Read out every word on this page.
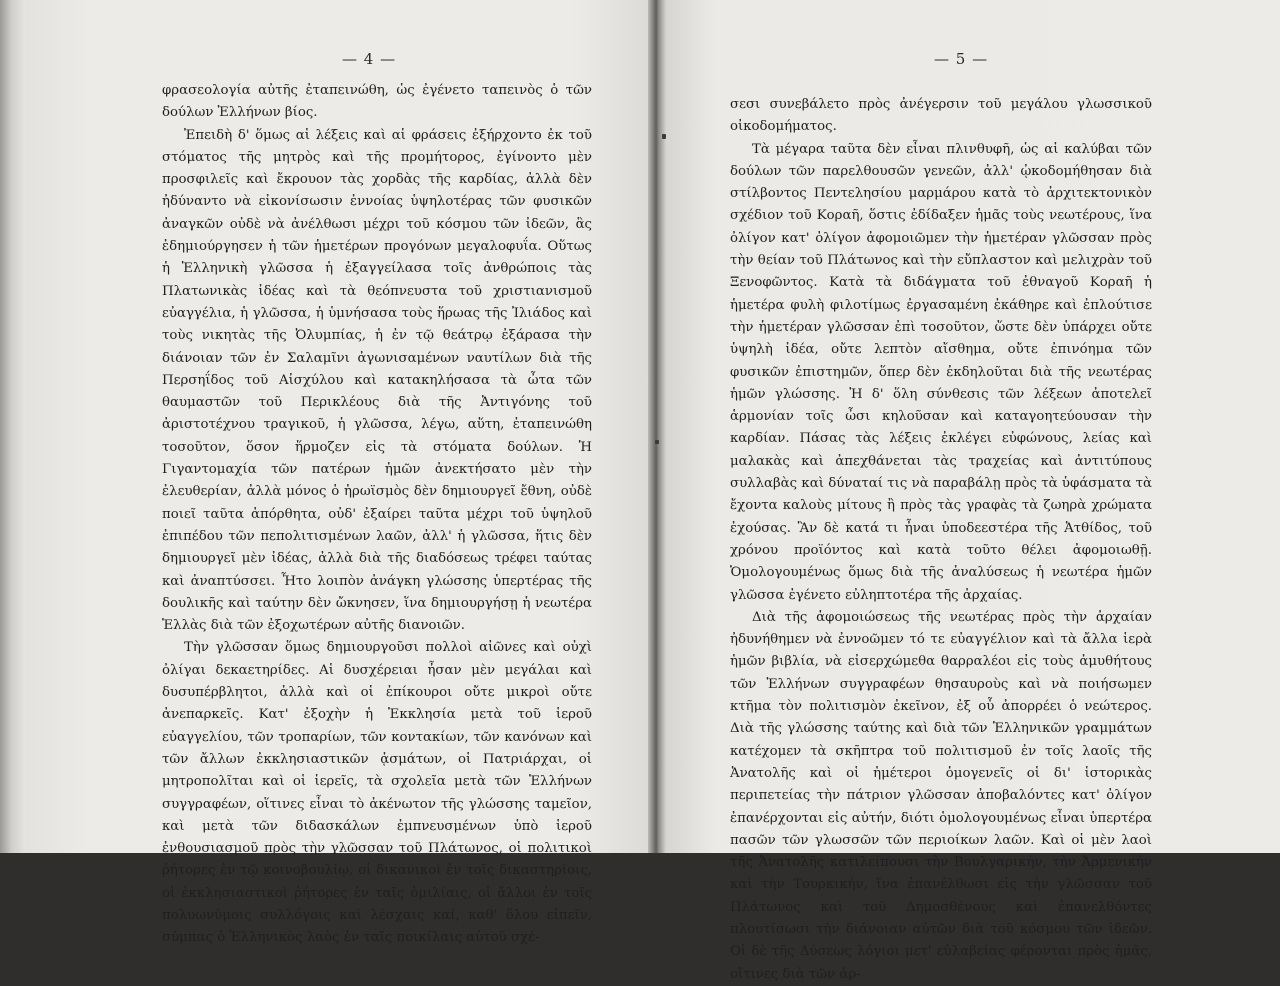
— 4 —

φρασεολογία αὐτῆς ἐταπεινώθη, ὡς ἐγένετο ταπεινὸς ὁ τῶν δούλων Ἑλλήνων βίος.

Ἐπειδὴ δ' ὅμως αἱ λέξεις καὶ αἱ φράσεις ἐξήρχοντο ἐκ τοῦ στόματος τῆς μητρὸς καὶ τῆς προμήτορος, ἐγίνοντο μὲν προσφιλεῖς καὶ ἔκρουον τὰς χορδὰς τῆς καρδίας, ἀλλὰ δὲν ἠδύναντο νὰ εἰκονίσωσιν ἐννοίας ὑψηλοτέρας τῶν φυσικῶν ἀναγκῶν οὐδὲ νὰ ἀνέλθωσι μέχρι τοῦ κόσμου τῶν ἰδεῶν, ἃς ἐδημιούργησεν ἡ τῶν ἡμετέρων προγόνων μεγαλοφυΐα. Οὕτως ἡ Ἑλληνικὴ γλῶσσα ἡ ἐξαγγείλασα τοῖς ἀνθρώποις τὰς Πλατωνικὰς ἰδέας καὶ τὰ θεόπνευστα τοῦ χριστιανισμοῦ εὐαγγέλια, ἡ γλῶσσα, ἡ ὑμνήσασα τοὺς ἥρωας τῆς Ἰλιάδος καὶ τοὺς νικητὰς τῆς Ὀλυμπίας, ἡ ἐν τῷ θεάτρῳ ἐξάρασα τὴν διάνοιαν τῶν ἐν Σαλαμῖνι ἀγωνισαμένων ναυτίλων διὰ τῆς Περσηΐδος τοῦ Αἰσχύλου καὶ κατακηλήσασα τὰ ὦτα τῶν θαυμαστῶν τοῦ Περικλέους διὰ τῆς Ἀντιγόνης τοῦ ἀριστοτέχνου τραγικοῦ, ἡ γλῶσσα, λέγω, αὕτη, ἐταπεινώθη τοσοῦτον, ὅσον ἥρμοζεν εἰς τὰ στόματα δούλων. Ἡ Γιγαντομαχία τῶν πατέρων ἡμῶν ἀνεκτήσατο μὲν τὴν ἐλευθερίαν, ἀλλὰ μόνος ὁ ἡρωϊσμὸς δὲν δημιουργεῖ ἔθνη, οὐδὲ ποιεῖ ταῦτα ἀπόρθητα, οὐδ' ἐξαίρει ταῦτα μέχρι τοῦ ὑψηλοῦ ἐπιπέδου τῶν πεπολιτισμένων λαῶν, ἀλλ' ἡ γλῶσσα, ἥτις δὲν δημιουργεῖ μὲν ἰδέας, ἀλλὰ διὰ τῆς διαδόσεως τρέφει ταύτας καὶ ἀναπτύσσει. Ἦτο λοιπὸν ἀνάγκη γλώσσης ὑπερτέρας τῆς δουλικῆς καὶ ταύτην δὲν ὤκνησεν, ἵνα δημιουργήσῃ ἡ νεωτέρα Ἑλλὰς διὰ τῶν ἐξοχωτέρων αὐτῆς διανοιῶν.

Τὴν γλῶσσαν ὅμως δημιουργοῦσι πολλοὶ αἰῶνες καὶ οὐχὶ ὀλίγαι δεκαετηρίδες. Αἱ δυσχέρειαι ἦσαν μὲν μεγάλαι καὶ δυσυπέρβλητοι, ἀλλὰ καὶ οἱ ἐπίκουροι οὔτε μικροὶ οὔτε ἀνεπαρκεῖς. Κατ' ἐξοχὴν ἡ Ἐκκλησία μετὰ τοῦ ἱεροῦ εὐαγγελίου, τῶν τροπαρίων, τῶν κοντακίων, τῶν κανόνων καὶ τῶν ἄλλων ἐκκλησιαστικῶν ᾀσμάτων, οἱ Πατριάρχαι, οἱ μητροπολῖται καὶ οἱ ἱερεῖς, τὰ σχολεῖα μετὰ τῶν Ἑλλήνων συγγραφέων, οἵτινες εἶναι τὸ ἀκένωτον τῆς γλώσσης ταμεῖον, καὶ μετὰ τῶν διδασκάλων ἐμπνευσμένων ὑπὸ ἱεροῦ ἐνθουσιασμοῦ πρὸς τὴν γλῶσσαν τοῦ Πλάτωνος, οἱ πολιτικοὶ ῥήτορες ἐν τῷ κοινοβουλίῳ, οἱ δικανικοὶ ἐν τοῖς δικαστηρίοις, οἱ ἐκκλησιαστικοὶ ῥήτορες ἐν ταῖς ὁμιλίαις, οἱ ἄλλοι ἐν τοῖς πολυωνύμοις συλλόγοις καὶ λέσχαις καί, καθ' ὅλου εἰπεῖν, σύμπας ὁ Ἑλληνικὸς λαὸς ἐν ταῖς ποικίλαις αὐτοῦ σχέ-

— 5 —

σεσι συνεβάλετο πρὸς ἀνέγερσιν τοῦ μεγάλου γλωσσικοῦ οἰκοδομήματος.

Τὰ μέγαρα ταῦτα δὲν εἶναι πλινθυφῆ, ὡς αἱ καλύβαι τῶν δούλων τῶν παρελθουσῶν γενεῶν, ἀλλ' ᾠκοδομήθησαν διὰ στίλβοντος Πεντελησίου μαρμάρου κατὰ τὸ ἀρχιτεκτονικὸν σχέδιον τοῦ Κοραῆ, ὅστις ἐδίδαξεν ἡμᾶς τοὺς νεωτέρους, ἵνα ὀλίγον κατ' ὀλίγον ἀφομοιῶμεν τὴν ἡμετέραν γλῶσσαν πρὸς τὴν θείαν τοῦ Πλάτωνος καὶ τὴν εὔπλαστον καὶ μελιχρὰν τοῦ Ξενοφῶντος. Κατὰ τὰ διδάγματα τοῦ ἐθναγοῦ Κοραῆ ἡ ἡμετέρα φυλὴ φιλοτίμως ἐργασαμένη ἐκάθηρε καὶ ἐπλούτισε τὴν ἡμετέραν γλῶσσαν ἐπὶ τοσοῦτον, ὥστε δὲν ὑπάρχει οὔτε ὑψηλὴ ἰδέα, οὔτε λεπτὸν αἴσθημα, οὔτε ἐπινόημα τῶν φυσικῶν ἐπιστημῶν, ὅπερ δὲν ἐκδηλοῦται διὰ τῆς νεωτέρας ἡμῶν γλώσσης. Ἡ δ' ὅλη σύνθεσις τῶν λέξεων ἀποτελεῖ ἁρμονίαν τοῖς ὦσι κηλοῦσαν καὶ καταγοητεύουσαν τὴν καρδίαν. Πάσας τὰς λέξεις ἐκλέγει εὐφώνους, λείας καὶ μαλακὰς καὶ ἀπεχθάνεται τὰς τραχείας καὶ ἀντιτύπους συλλαβὰς καὶ δύναταί τις νὰ παραβάλῃ πρὸς τὰ ὑφάσματα τὰ ἔχοντα καλοὺς μίτους ἢ πρὸς τὰς γραφὰς τὰ ζωηρὰ χρώματα ἐχούσας. Ἂν δὲ κατά τι ἦναι ὑποδεεστέρα τῆς Ἀτθίδος, τοῦ χρόνου προϊόντος καὶ κατὰ τοῦτο θέλει ἀφομοιωθῇ. Ὁμολογουμένως ὅμως διὰ τῆς ἀναλύσεως ἡ νεωτέρα ἡμῶν γλῶσσα ἐγένετο εὐληπτοτέρα τῆς ἀρχαίας.

Διὰ τῆς ἀφομοιώσεως τῆς νεωτέρας πρὸς τὴν ἀρχαίαν ἠδυνήθημεν νὰ ἐννοῶμεν τό τε εὐαγγέλιον καὶ τὰ ἄλλα ἱερὰ ἡμῶν βιβλία, νὰ εἰσερχώμεθα θαρραλέοι εἰς τοὺς ἀμυθήτους τῶν Ἑλλήνων συγγραφέων θησαυροὺς καὶ νὰ ποιήσωμεν κτῆμα τὸν πολιτισμὸν ἐκεῖνον, ἐξ οὗ ἀπορρέει ὁ νεώτερος. Διὰ τῆς γλώσσης ταύτης καὶ διὰ τῶν Ἑλληνικῶν γραμμάτων κατέχομεν τὰ σκῆπτρα τοῦ πολιτισμοῦ ἐν τοῖς λαοῖς τῆς Ἀνατολῆς καὶ οἱ ἡμέτεροι ὁμογενεῖς οἱ δι' ἱστορικὰς περιπετείας τὴν πάτριον γλῶσσαν ἀποβαλόντες κατ' ὀλίγον ἐπανέρχονται εἰς αὐτήν, διότι ὁμολογουμένως εἶναι ὑπερτέρα πασῶν τῶν γλωσσῶν τῶν περιοίκων λαῶν. Καὶ οἱ μὲν λαοὶ τῆς Ἀνατολῆς κατιλείπουσι τὴν Βουλγαρικήν, τὴν Ἀρμενικὴν καὶ τὴν Τουρκικήν, ἵνα ἐπανέλθωσι εἰς τὴν γλῶσσαν τοῦ Πλάτωνος καὶ τοῦ Δημοσθένους καὶ ἐπανελθόντες πλουτίσωσι τὴν διάνοιαν αὐτῶν διὰ τοῦ κόσμου τῶν ἰδεῶν. Οἱ δὲ τῆς Δύσεως λόγιοι μετ' εὐλαβείας φέρονται πρὸς ἡμᾶς, οἵτινες διὰ τῶν ἀρ-
